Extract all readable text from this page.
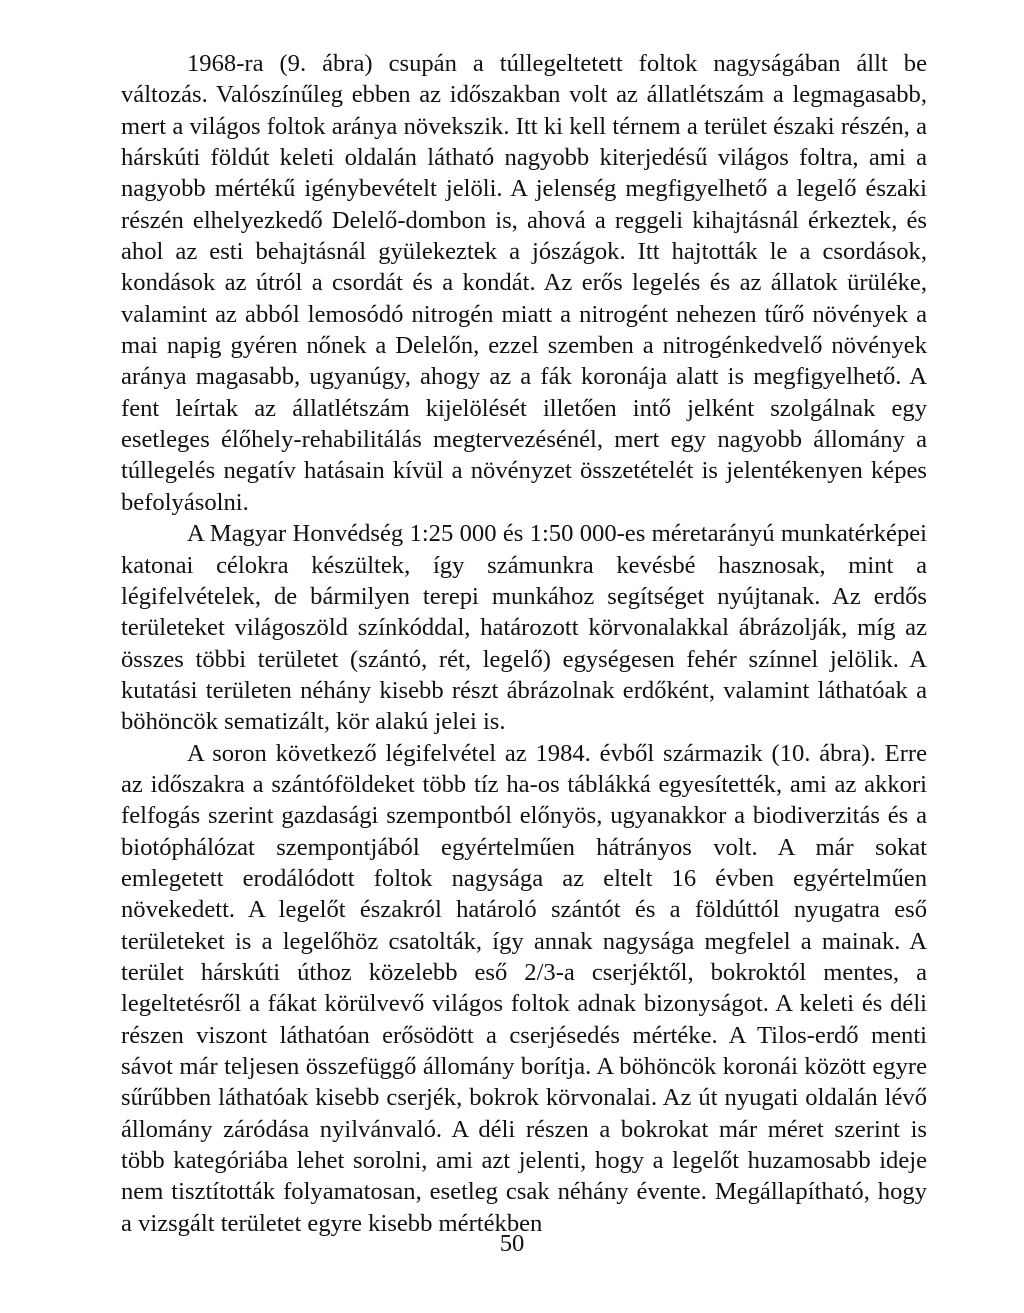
1968-ra (9. ábra) csupán a túllegeltetett foltok nagyságában állt be változás. Valószínűleg ebben az időszakban volt az állatlétszám a legmagasabb, mert a világos foltok aránya növekszik. Itt ki kell térnem a terület északi részén, a hárskúti földút keleti oldalán látható nagyobb kiterjedésű világos foltra, ami a nagyobb mértékű igénybevételt jelöli. A jelenség megfigyelhető a legelő északi részén elhelyezkedő Delelő-dombon is, ahová a reggeli kihajtásnál érkeztek, és ahol az esti behajtásnál gyülekeztek a jószágok. Itt hajtották le a csordások, kondások az útról a csordát és a kondát. Az erős legelés és az állatok ürüléke, valamint az abból lemosódó nitrogén miatt a nitrogént nehezen tűrő növények a mai napig gyéren nőnek a Delelőn, ezzel szemben a nitrogénkedvelő növények aránya magasabb, ugyanúgy, ahogy az a fák koronája alatt is megfigyelhető. A fent leírtak az állatlétszám kijelölését illetően intő jelként szolgálnak egy esetleges élőhely-rehabilitálás megtervezésénél, mert egy nagyobb állomány a túllegelés negatív hatásain kívül a növényzet összetételét is jelentékenyen képes befolyásolni.

A Magyar Honvédség 1:25 000 és 1:50 000-es méretarányú munkatérképei katonai célokra készültek, így számunkra kevésbé hasznosak, mint a légifelvételek, de bármilyen terepi munkához segítséget nyújtanak. Az erdős területeket világoszöld színkóddal, határozott körvonalakkal ábrázolják, míg az összes többi területet (szántó, rét, legelő) egységesen fehér színnel jelölik. A kutatási területen néhány kisebb részt ábrázolnak erdőként, valamint láthatóak a böhöncök sematizált, kör alakú jelei is.

A soron következő légifelvétel az 1984. évből származik (10. ábra). Erre az időszakra a szántóföldeket több tíz ha-os táblákká egyesítették, ami az akkori felfogás szerint gazdasági szempontból előnyös, ugyanakkor a biodiverzitás és a biotóphálózat szempontjából egyértelműen hátrányos volt. A már sokat emlegetett erodálódott foltok nagysága az eltelt 16 évben egyértelműen növekedett. A legelőt északról határoló szántót és a földúttól nyugatra eső területeket is a legelőhöz csatolták, így annak nagysága megfelel a mainak. A terület hárskúti úthoz közelebb eső 2/3-a cserjéktől, bokroktól mentes, a legeltetésről a fákat körülvevő világos foltok adnak bizonyságot. A keleti és déli részen viszont láthatóan erősödött a cserjésedés mértéke. A Tilos-erdő menti sávot már teljesen összefüggő állomány borítja. A böhöncök koronái között egyre sűrűbben láthatóak kisebb cserjék, bokrok körvonalai. Az út nyugati oldalán lévő állomány záródása nyilvánvaló. A déli részen a bokrokat már méret szerint is több kategóriába lehet sorolni, ami azt jelenti, hogy a legelőt huzamosabb ideje nem tisztították folyamatosan, esetleg csak néhány évente. Megállapítható, hogy a vizsgált területet egyre kisebb mértékben

50
